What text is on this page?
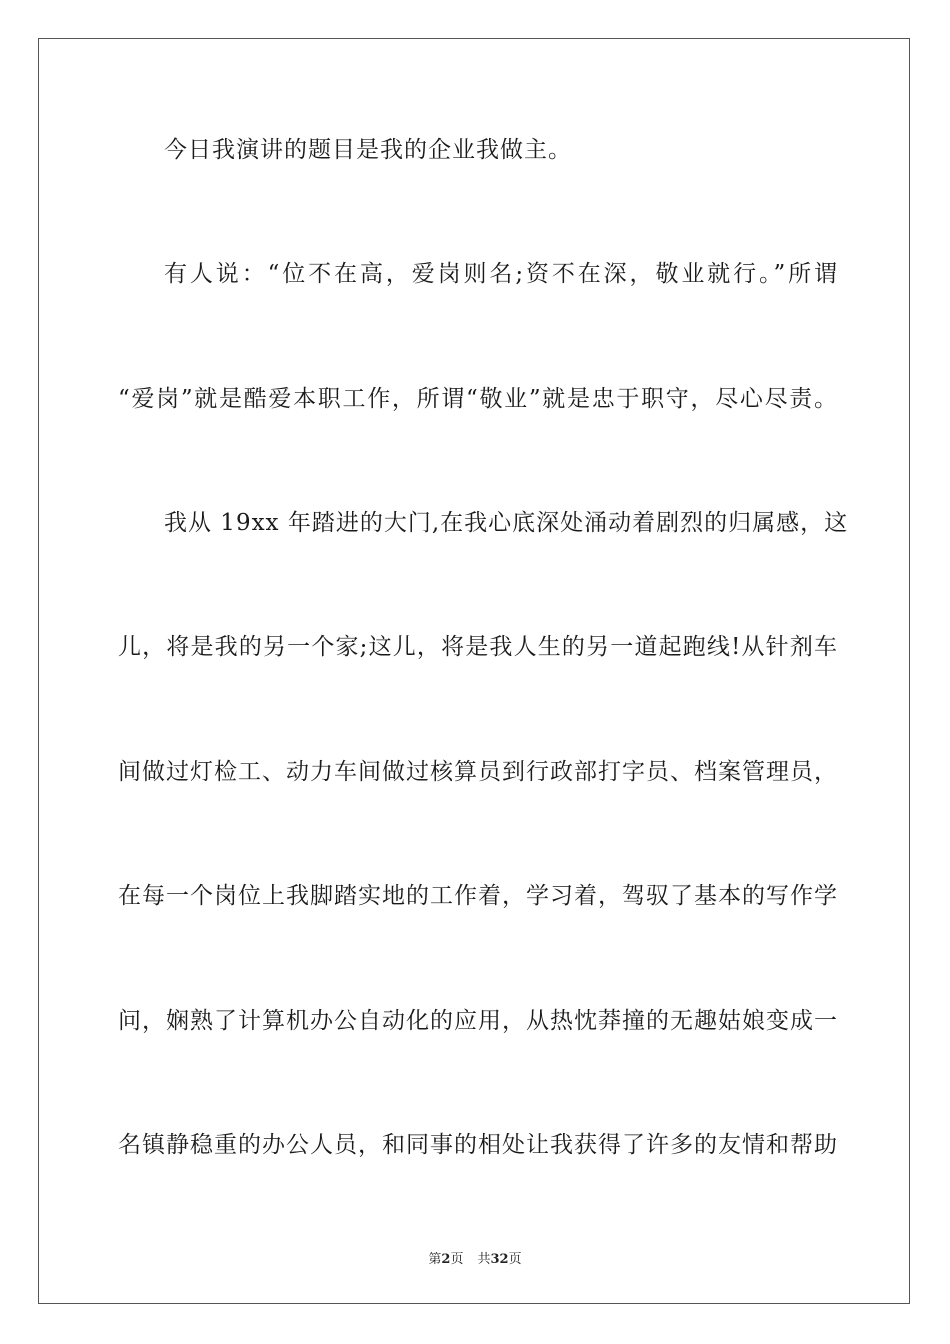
今日我演讲的题目是我的企业我做主。
有人说：“位不在高，爱岗则名;资不在深，敬业就行。”所谓
“爱岗”就是酷爱本职工作，所谓“敬业”就是忠于职守，尽心尽责。
我从 19xx 年踏进的大门,在我心底深处涌动着剧烈的归属感，这
儿，将是我的另一个家;这儿，将是我人生的另一道起跑线!从针剂车
间做过灯检工、动力车间做过核算员到行政部打字员、档案管理员，
在每一个岗位上我脚踏实地的工作着，学习着，驾驭了基本的写作学
问，娴熟了计算机办公自动化的应用，从热忱莽撞的无趣姑娘变成一
名镇静稳重的办公人员，和同事的相处让我获得了许多的友情和帮助
第2页 共32页
